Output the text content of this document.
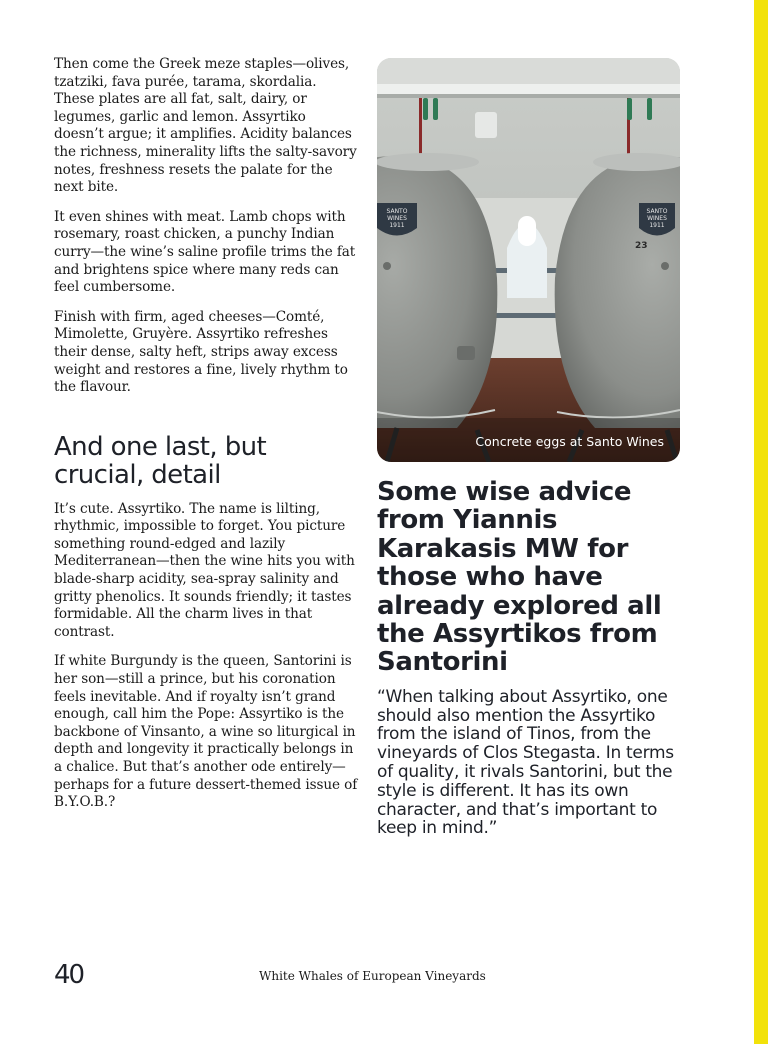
Then come the Greek meze staples—olives, tzatziki, fava purée, tarama, skordalia. These plates are all fat, salt, dairy, or legumes, garlic and lemon. Assyrtiko doesn’t argue; it amplifies. Acidity balances the richness, minerality lifts the salty-savory notes, freshness resets the palate for the next bite.

It even shines with meat. Lamb chops with rosemary, roast chicken, a punchy Indian curry—the wine’s saline profile trims the fat and brightens spice where many reds can feel cumbersome.

Finish with firm, aged cheeses—Comté, Mimolette, Gruyère. Assyrtiko refreshes their dense, salty heft, strips away excess weight and restores a fine, lively rhythm to the flavour.

And one last, but crucial, detail

It’s cute. Assyrtiko. The name is lilting, rhythmic, impossible to forget. You picture something round-edged and lazily Mediterranean—then the wine hits you with blade-sharp acidity, sea-spray salinity and gritty phenolics. It sounds friendly; it tastes formidable. All the charm lives in that contrast.

If white Burgundy is the queen, Santorini is her son—still a prince, but his coronation feels inevitable. And if royalty isn’t grand enough, call him the Pope: Assyrtiko is the backbone of Vinsanto, a wine so liturgical in depth and longevity it practically belongs in a chalice. But that’s another ode entirely—perhaps for a future dessert-themed issue of B.Y.O.B.?

SANTO
WINES
1911
SANTO
WINES
1911
23
Concrete eggs at Santo Wines
Some wise advice from Yiannis Karakasis MW for those who have already explored all the Assyrtikos from Santorini

“When talking about Assyrtiko, one should also mention the Assyrtiko from the island of Tinos, from the vineyards of Clos Stegasta. In terms of quality, it rivals Santorini, but the style is different. It has its own character, and that’s important to keep in mind.”

40	White Whales of European Vineyards
